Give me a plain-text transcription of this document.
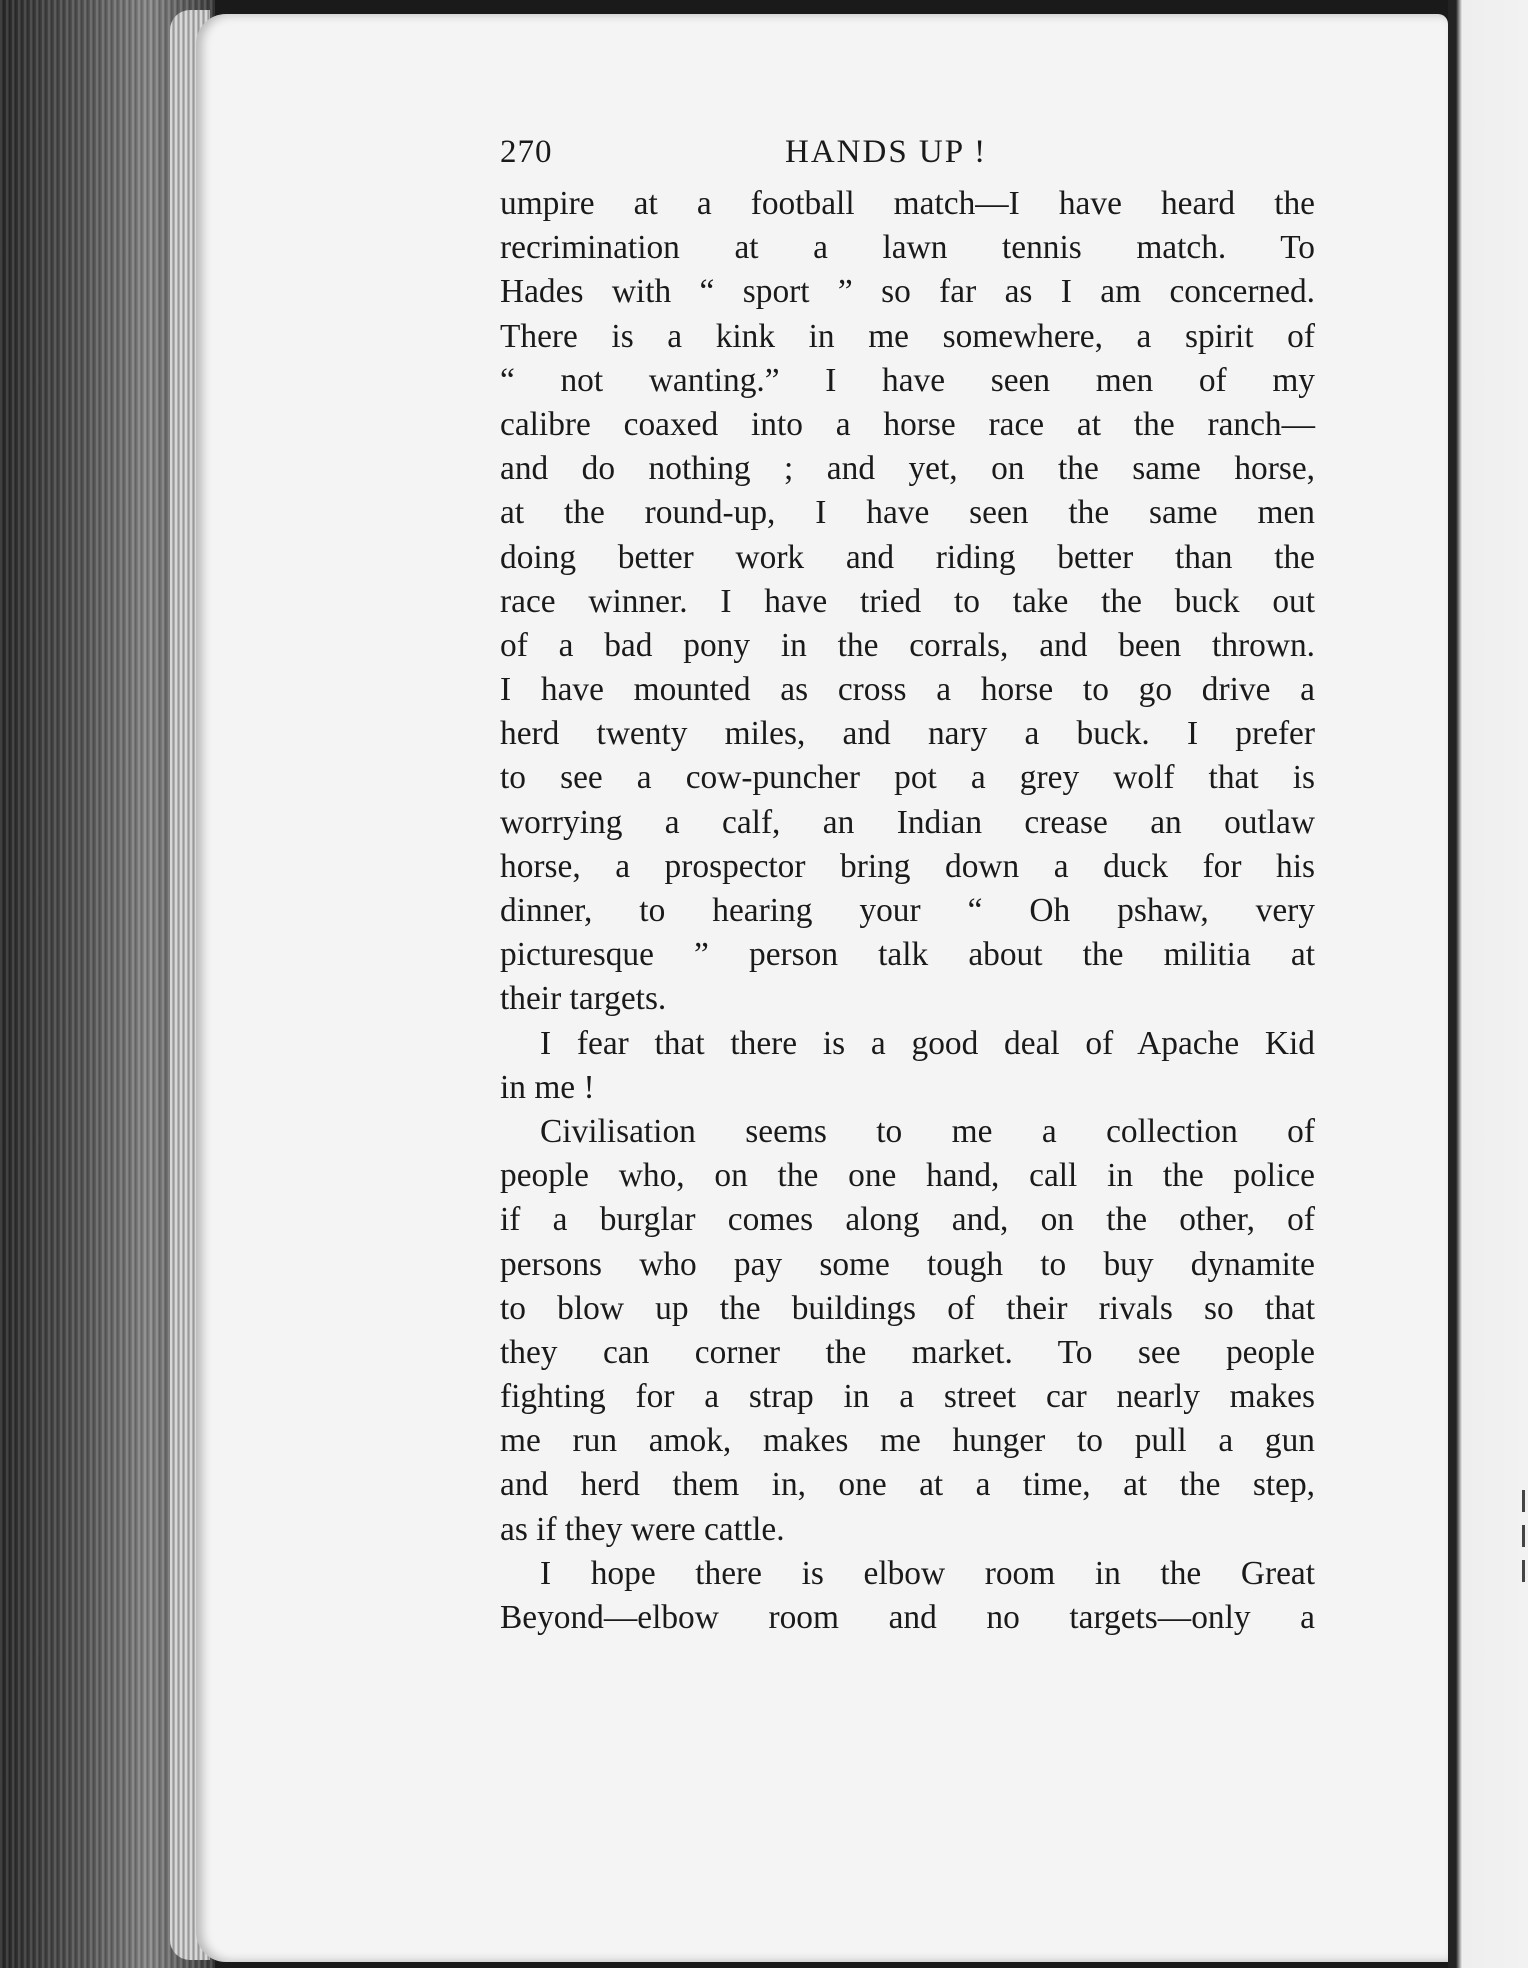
270	HANDS UP !
umpire at a football match—I have heard the
recrimination at a lawn tennis match. To
Hades with “ sport ” so far as I am concerned.
There is a kink in me somewhere, a spirit of
“ not wanting.” I have seen men of my
calibre coaxed into a horse race at the ranch—
and do nothing ; and yet, on the same horse,
at the round-up, I have seen the same men
doing better work and riding better than the
race winner. I have tried to take the buck out
of a bad pony in the corrals, and been thrown.
I have mounted as cross a horse to go drive a
herd twenty miles, and nary a buck. I prefer
to see a cow-puncher pot a grey wolf that is
worrying a calf, an Indian crease an outlaw
horse, a prospector bring down a duck for his
dinner, to hearing your “ Oh pshaw, very
picturesque ” person talk about the militia at
their targets.
I fear that there is a good deal of Apache Kid
in me !
Civilisation seems to me a collection of
people who, on the one hand, call in the police
if a burglar comes along and, on the other, of
persons who pay some tough to buy dynamite
to blow up the buildings of their rivals so that
they can corner the market. To see people
fighting for a strap in a street car nearly makes
me run amok, makes me hunger to pull a gun
and herd them in, one at a time, at the step,
as if they were cattle.
I hope there is elbow room in the Great
Beyond—elbow room and no targets—only a
